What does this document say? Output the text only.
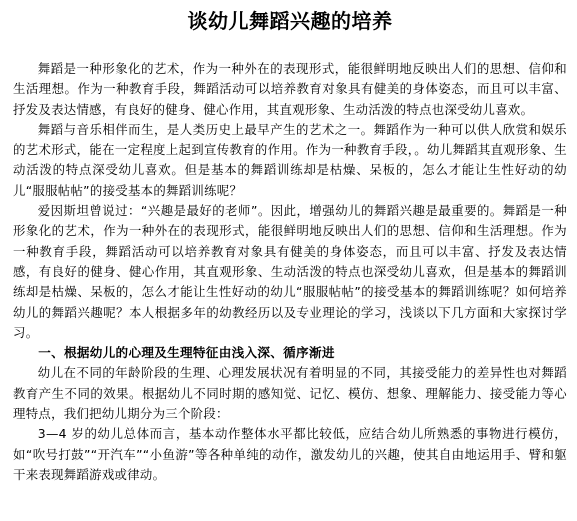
谈幼儿舞蹈兴趣的培养

舞蹈是一种形象化的艺术，作为一种外在的表现形式，能很鲜明地反映出人们的思想、信仰和生活理想。作为一种教育手段，舞蹈活动可以培养教育对象具有健美的身体姿态，而且可以丰富、抒发及表达情感，有良好的健身、健心作用，其直观形象、生动活泼的特点也深受幼儿喜欢。

舞蹈与音乐相伴而生，是人类历史上最早产生的艺术之一。舞蹈作为一种可以供人欣赏和娱乐的艺术形式，能在一定程度上起到宣传教育的作用。作为一种教育手段，。幼儿舞蹈其直观形象、生动活泼的特点深受幼儿喜欢。但是基本的舞蹈训练却是枯燥、呆板的，怎么才能让生性好动的幼儿“服服帖帖”的接受基本的舞蹈训练呢？

爱因斯坦曾说过：“兴趣是最好的老师”。因此，增强幼儿的舞蹈兴趣是最重要的。舞蹈是一种形象化的艺术，作为一种外在的表现形式，能很鲜明地反映出人们的思想、信仰和生活理想。作为一种教育手段，舞蹈活动可以培养教育对象具有健美的身体姿态，而且可以丰富、抒发及表达情感，有良好的健身、健心作用，其直观形象、生动活泼的特点也深受幼儿喜欢，但是基本的舞蹈训练却是枯燥、呆板的，怎么才能让生性好动的幼儿“服服帖帖”的接受基本的舞蹈训练呢？如何培养幼儿的舞蹈兴趣呢？本人根据多年的幼教经历以及专业理论的学习，浅谈以下几方面和大家探讨学习。

一、根据幼儿的心理及生理特征由浅入深、循序渐进

幼儿在不同的年龄阶段的生理、心理发展状况有着明显的不同，其接受能力的差异性也对舞蹈教育产生不同的效果。根据幼儿不同时期的感知觉、记忆、模仿、想象、理解能力、接受能力等心理特点，我们把幼儿期分为三个阶段：

3—4 岁的幼儿总体而言，基本动作整体水平都比较低，应结合幼儿所熟悉的事物进行模仿，如“吹号打鼓”“开汽车”“小鱼游”等各种单纯的动作，激发幼儿的兴趣，使其自由地运用手、臂和躯干来表现舞蹈游戏或律动。
